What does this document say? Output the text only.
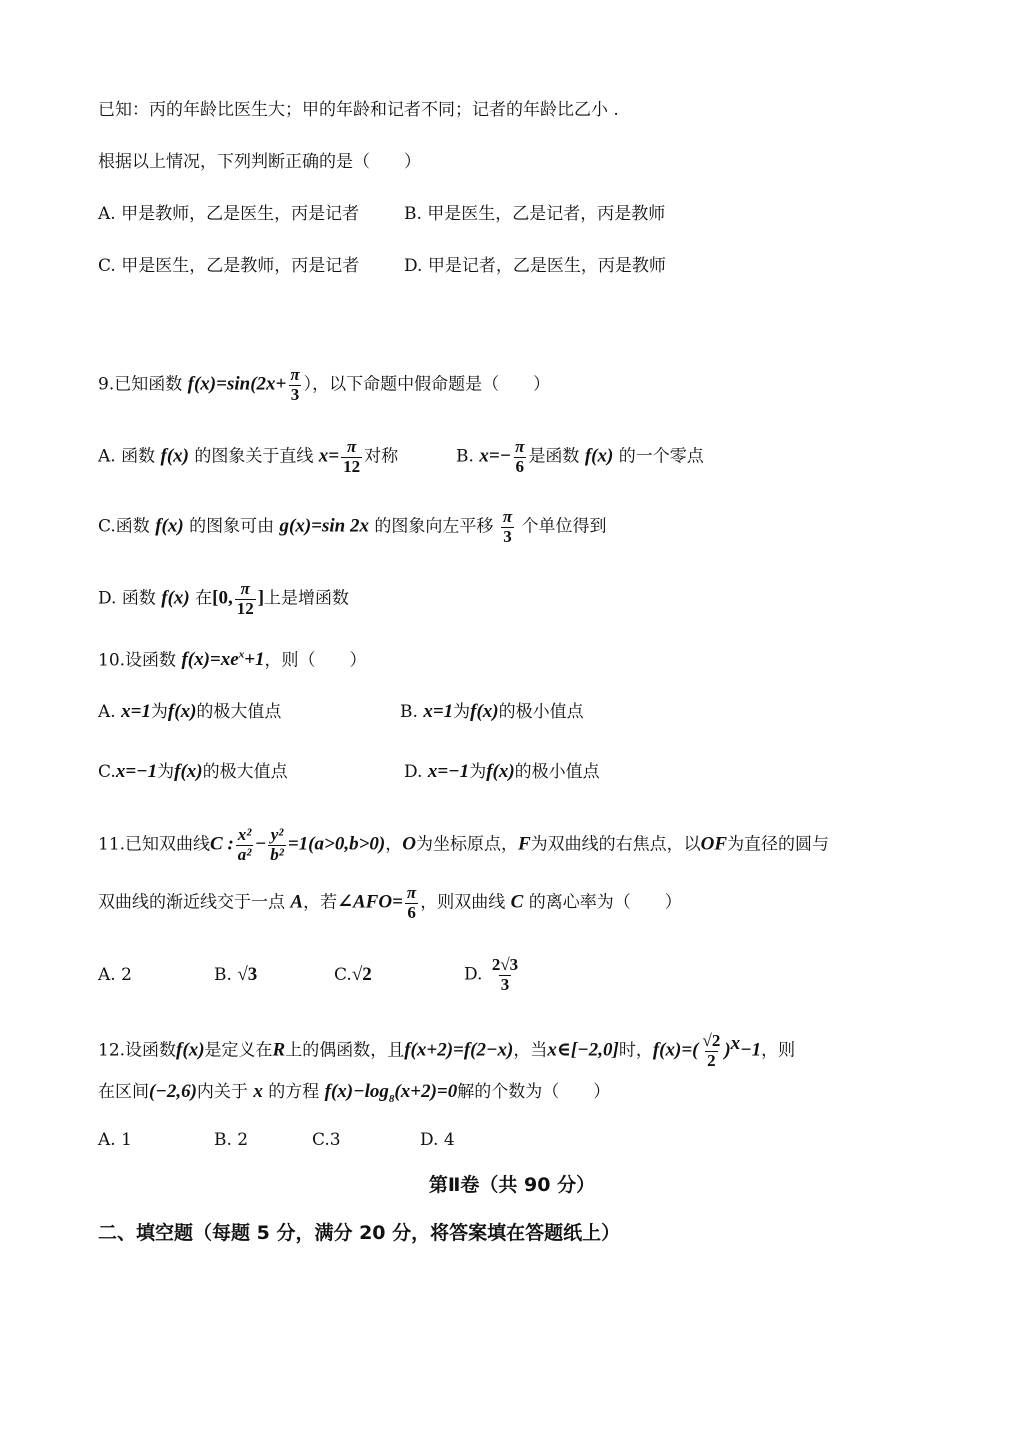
已知：丙的年龄比医生大；甲的年龄和记者不同；记者的年龄比乙小 .
根据以上情况，下列判断正确的是（　　）
A. 甲是教师，乙是医生，丙是记者	B. 甲是医生，乙是记者，丙是教师
C. 甲是医生，乙是教师，丙是记者	D. 甲是记者，乙是医生，丙是教师
9.已知函数 $f(x)=\sin(2x+ \frac{\pi}{3}$ ），以下命题中假命题是（　　）
A. 函数 f(x) 的图象关于直线 $x= \frac{\pi}{12}$ 对称	B. $x=- \frac{\pi}{6}$ 是函数 f(x) 的一个零点
C.函数 f(x) 的图象可由 g(x)=sin 2x 的图象向左平移 $\frac{\pi}{3}$ 个单位得到
D. 函数 f(x) 在[0, $\frac{\pi}{12}$ ]上是增函数
10.设函数 $f(x)=xe^x+1$，则（　　）
A. x=1为f(x)的极大值点	B. x=1为f(x)的极小值点
C.x=−1为f(x)的极大值点	D. x=−1为f(x)的极小值点
11.已知双曲线C : $\frac{\text{x²}}{\text{a²}} - \frac{\text{y²}}{\text{b²}} =1(a>0,b>0)$，O为坐标原点，F为双曲线的右焦点，以OF为直径的圆与
双曲线的渐近线交于一点 A，若∠AFO= $\frac{\pi}{6}$ ，则双曲线 C 的离心率为（　　）
A. 2	B. √3	C.√2	D. $\frac{2√3}{3}$
12.设函数f(x)是定义在R上的偶函数，且f(x+2)=f(2−x)，当x∈[−2,0]时，$f(x)=( \frac{√2}{2} )^x-1$，则
在区间(−2,6)内关于 x 的方程 $f(x)-\log_8(x+2)=0$解的个数为（　　）
A. 1	B. 2	C.3	D. 4
第Ⅱ卷（共 90 分）
二、填空题（每题 5 分，满分 20 分，将答案填在答题纸上）
